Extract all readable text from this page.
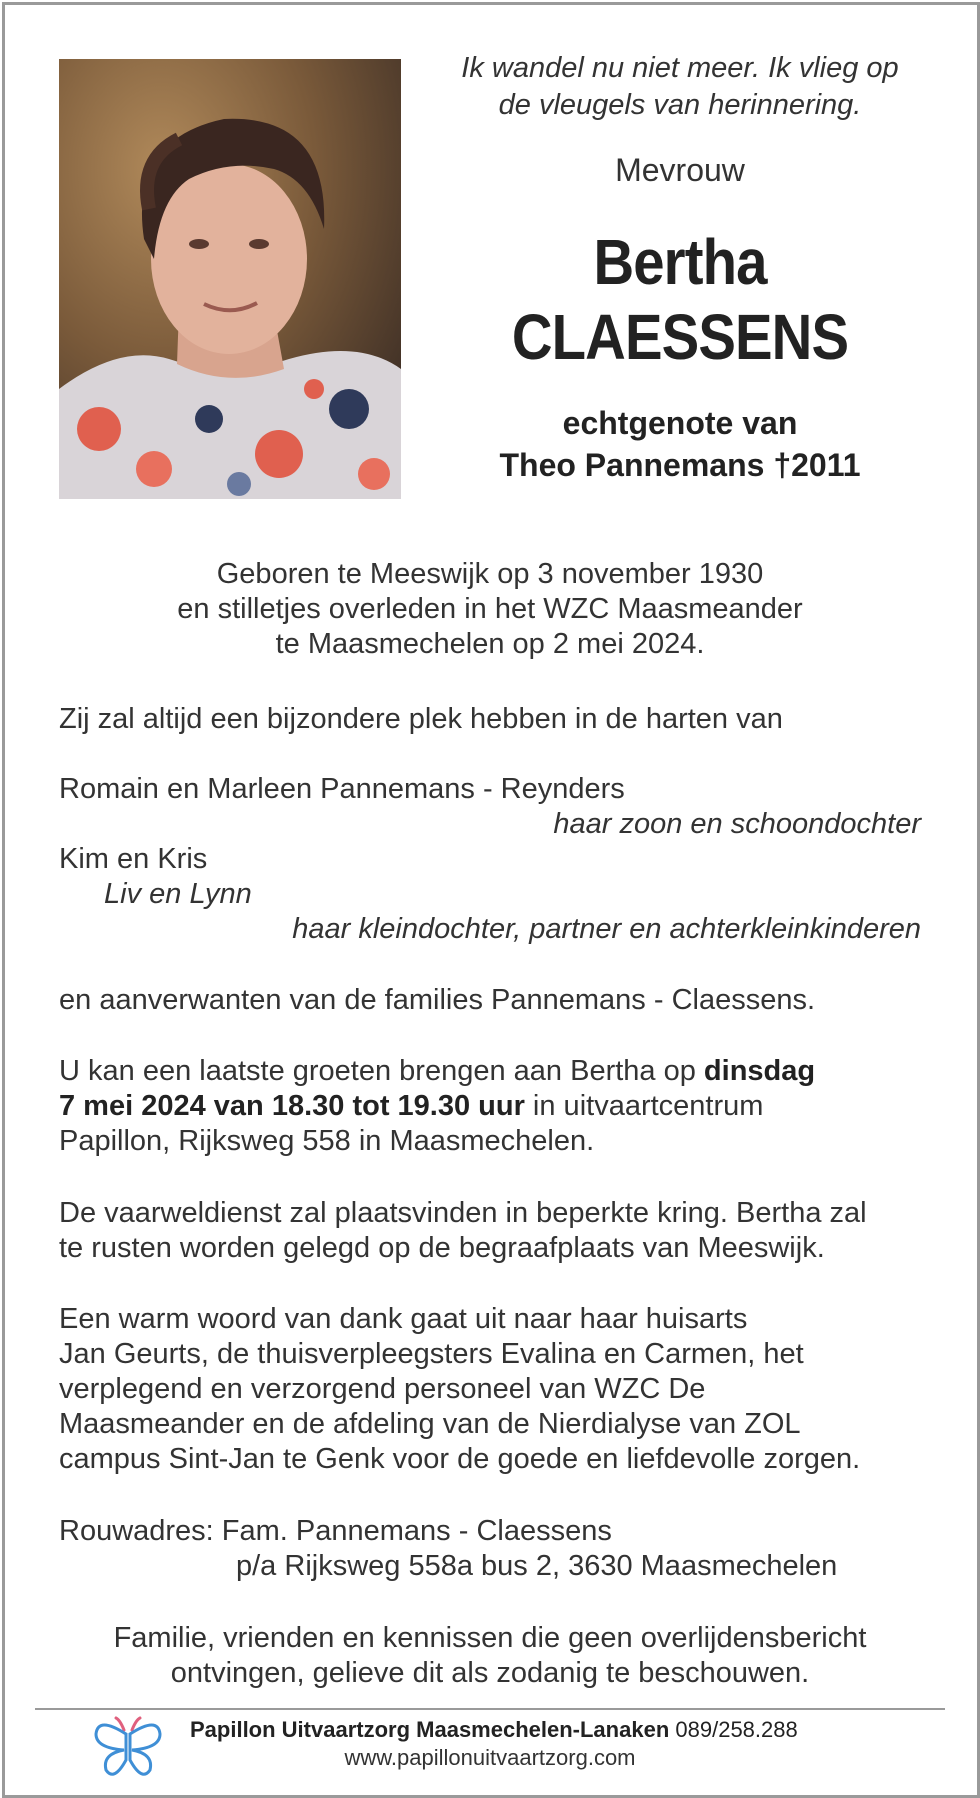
Ik wandel nu niet meer. Ik vlieg op
de vleugels van herinnering.
Mevrouw
Bertha
CLAESSENS
echtgenote van
Theo Pannemans †2011
Geboren te Meeswijk op 3 november 1930
en stilletjes overleden in het WZC Maasmeander
te Maasmechelen op 2 mei 2024.
Zij zal altijd een bijzondere plek hebben in de harten van
Romain en Marleen Pannemans - Reynders
haar zoon en schoondochter
Kim en Kris
Liv en Lynn
haar kleindochter, partner en achterkleinkinderen
en aanverwanten van de families Pannemans - Claessens.
U kan een laatste groeten brengen aan Bertha op dinsdag
7 mei 2024 van 18.30 tot 19.30 uur in uitvaartcentrum
Papillon, Rijksweg 558 in Maasmechelen.
De vaarweldienst zal plaatsvinden in beperkte kring. Bertha zal
te rusten worden gelegd op de begraafplaats van Meeswijk.
Een warm woord van dank gaat uit naar haar huisarts
Jan Geurts, de thuisverpleegsters Evalina en Carmen, het
verplegend en verzorgend personeel van WZC De
Maasmeander en de afdeling van de Nierdialyse van ZOL
campus Sint-Jan te Genk voor de goede en liefdevolle zorgen.
Rouwadres: Fam. Pannemans - Claessens
p/a Rijksweg 558a bus 2, 3630 Maasmechelen
Familie, vrienden en kennissen die geen overlijdensbericht
ontvingen, gelieve dit als zodanig te beschouwen.
Papillon Uitvaartzorg Maasmechelen-Lanaken 089/258.288
www.papillonuitvaartzorg.com
